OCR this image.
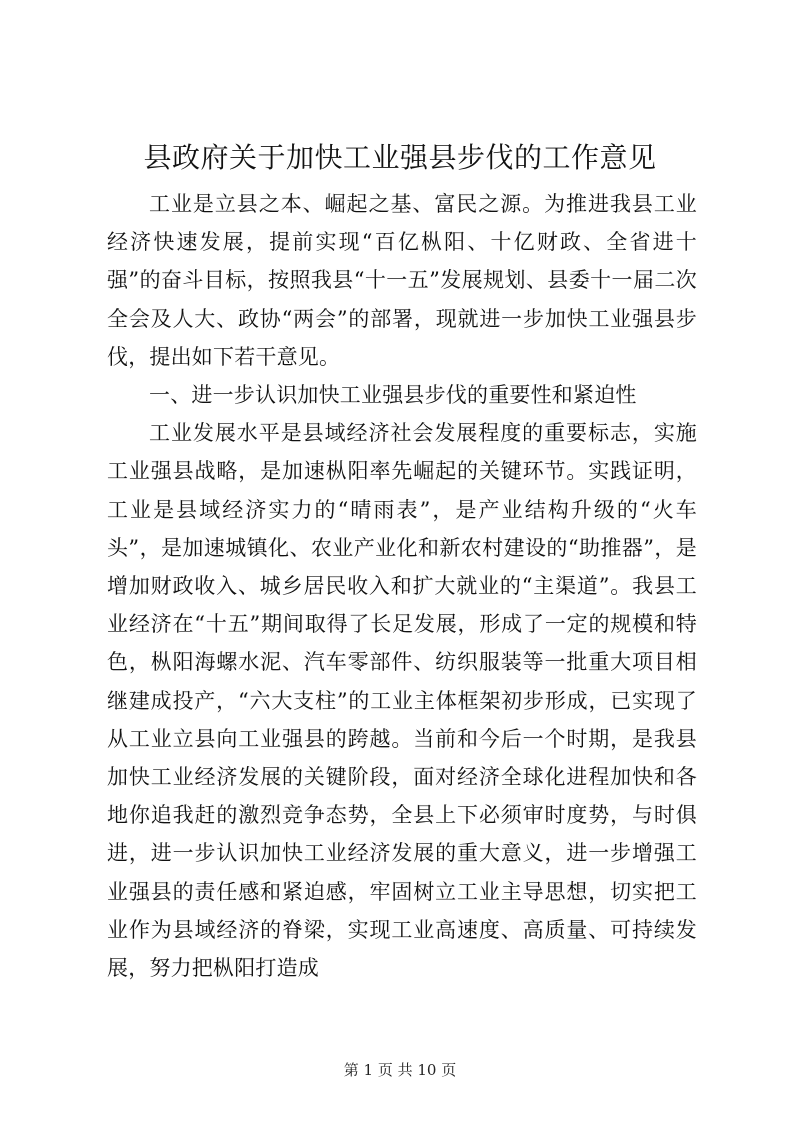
县政府关于加快工业强县步伐的工作意见

工业是立县之本、崛起之基、富民之源。为推进我县工业经济快速发展，提前实现“百亿枞阳、十亿财政、全省进十强”的奋斗目标，按照我县“十一五”发展规划、县委十一届二次全会及人大、政协“两会”的部署，现就进一步加快工业强县步伐，提出如下若干意见。

一、进一步认识加快工业强县步伐的重要性和紧迫性

工业发展水平是县域经济社会发展程度的重要标志，实施工业强县战略，是加速枞阳率先崛起的关键环节。实践证明，工业是县域经济实力的“晴雨表”，是产业结构升级的“火车头”，是加速城镇化、农业产业化和新农村建设的“助推器”，是增加财政收入、城乡居民收入和扩大就业的“主渠道”。我县工业经济在“十五”期间取得了长足发展，形成了一定的规模和特色，枞阳海螺水泥、汽车零部件、纺织服装等一批重大项目相继建成投产，“六大支柱”的工业主体框架初步形成，已实现了从工业立县向工业强县的跨越。当前和今后一个时期，是我县加快工业经济发展的关键阶段，面对经济全球化进程加快和各地你追我赶的激烈竞争态势，全县上下必须审时度势，与时俱进，进一步认识加快工业经济发展的重大意义，进一步增强工业强县的责任感和紧迫感，牢固树立工业主导思想，切实把工业作为县域经济的脊梁，实现工业高速度、高质量、可持续发展，努力把枞阳打造成

第 1 页 共 10 页
